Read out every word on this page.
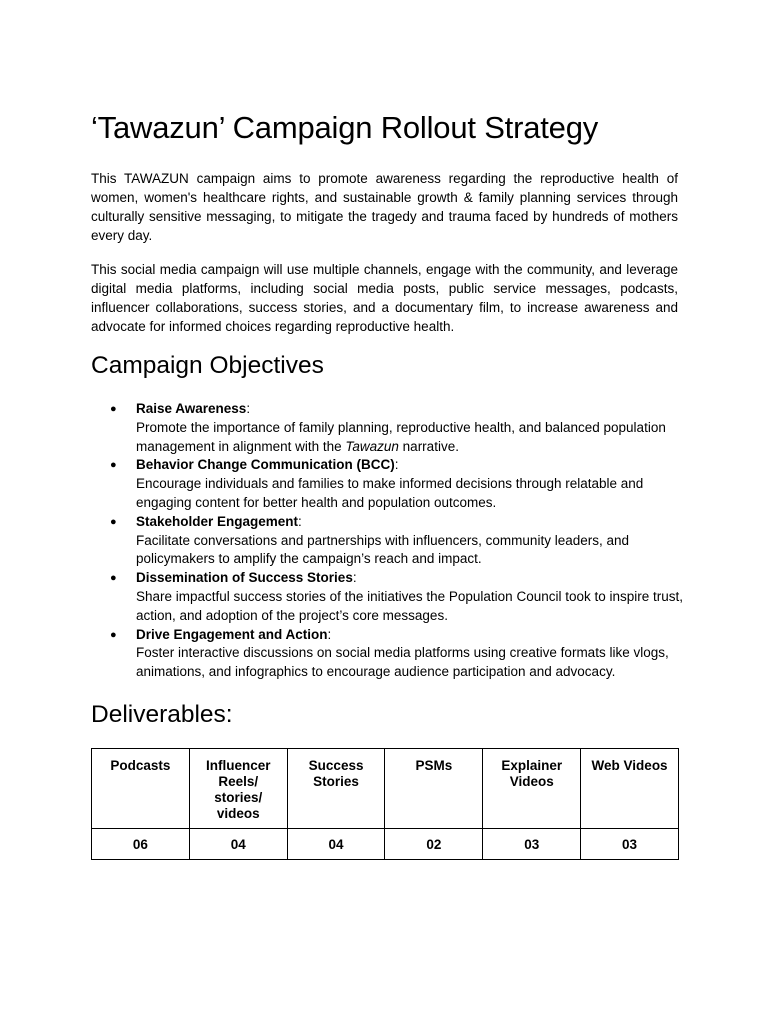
‘Tawazun’ Campaign Rollout Strategy

This TAWAZUN campaign aims to promote awareness regarding the reproductive health of women, women's healthcare rights, and sustainable growth & family planning services through culturally sensitive messaging, to mitigate the tragedy and trauma faced by hundreds of mothers every day.

This social media campaign will use multiple channels, engage with the community, and leverage digital media platforms, including social media posts, public service messages, podcasts, influencer collaborations, success stories, and a documentary film, to increase awareness and advocate for informed choices regarding reproductive health.

Campaign Objectives
● Raise Awareness:
Promote the importance of family planning, reproductive health, and balanced population management in alignment with the Tawazun narrative.
● Behavior Change Communication (BCC):
Encourage individuals and families to make informed decisions through relatable and engaging content for better health and population outcomes.
● Stakeholder Engagement:
Facilitate conversations and partnerships with influencers, community leaders, and policymakers to amplify the campaign’s reach and impact.
● Dissemination of Success Stories:
Share impactful success stories of the initiatives the Population Council took to inspire trust, action, and adoption of the project’s core messages.
● Drive Engagement and Action:
Foster interactive discussions on social media platforms using creative formats like vlogs, animations, and infographics to encourage audience participation and advocacy.
Deliverables:
Podcasts	Influencer Reels/ stories/ videos	Success Stories	PSMs	Explainer Videos	Web Videos
06	04	04	02	03	03
